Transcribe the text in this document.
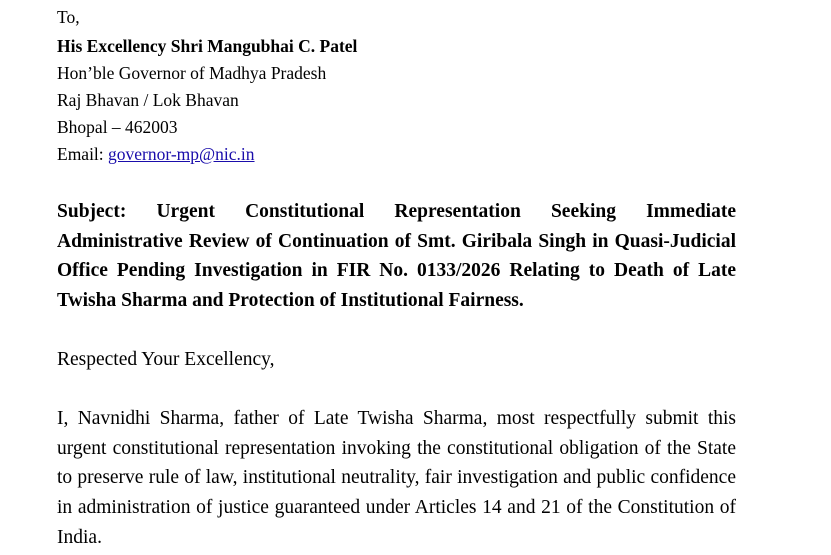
To,
His Excellency Shri Mangubhai C. Patel
Hon’ble Governor of Madhya Pradesh
Raj Bhavan / Lok Bhavan
Bhopal – 462003
Email: governor-mp@nic.in
Subject: Urgent Constitutional Representation Seeking Immediate Administrative Review of Continuation of Smt. Giribala Singh in Quasi-Judicial Office Pending Investigation in FIR No. 0133/2026 Relating to Death of Late Twisha Sharma and Protection of Institutional Fairness.
Respected Your Excellency,
I, Navnidhi Sharma, father of Late Twisha Sharma, most respectfully submit this urgent constitutional representation invoking the constitutional obligation of the State to preserve rule of law, institutional neutrality, fair investigation and public confidence in administration of justice guaranteed under Articles 14 and 21 of the Constitution of India.
